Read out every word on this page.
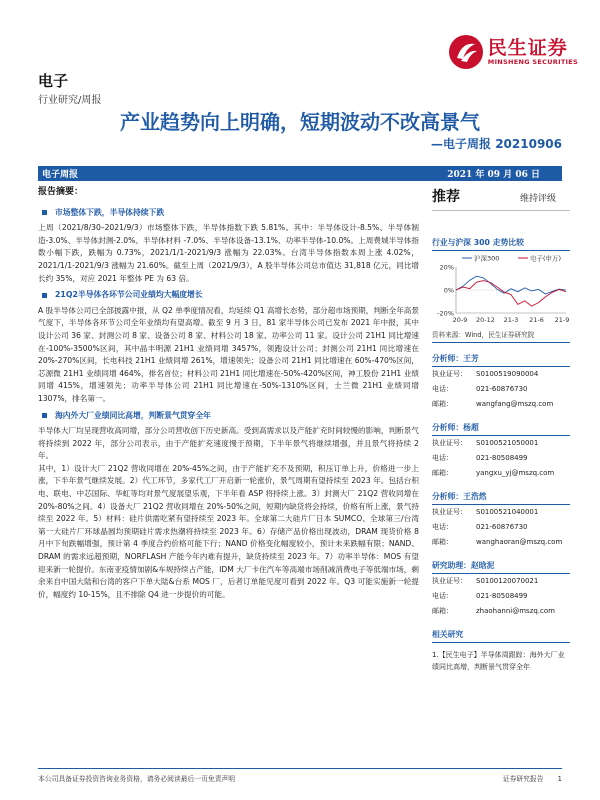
民生证券
MINSHENG SECURITIES
电子
行业研究/周报
产业趋势向上明确，短期波动不改高景气
—电子周报 20210906
电子周报	2021 年 09 月 06 日
报告摘要：
市场整体下跌，半导体持续下跌

上周（2021/8/30–2021/9/3）市场整体下跌，半导体指数下跌 5.81%。其中：半导体设计-8.5%、半导体制造-3.0%、半导体封测-2.0%、半导体材料 -7.0%、半导体设备-13.1%、功率半导体-10.0%。上周费城半导体指数小幅下跌，跌幅为 0.73%，2021/1/1-2021/9/3 涨幅为 22.03%。台湾半导体指数本周上涨 4.02%，2021/1/1-2021/9/3 涨幅为 21.60%。截至上周（2021/9/3），A 股半导体公司总市值达 31,818 亿元，同比增长约 35%，对应 2021 年整体 PE 为 63 倍。

21Q2半导体各环节公司业绩均大幅度增长

A 股半导体公司已全部披露中报，从 Q2 单季度情况看，均延续 Q1 高增长态势，部分超市场预期，判断全年高景气度下，半导体各环节公司全年业绩均有望高增。截至 9 月 3 日，81 家半导体公司已发布 2021 年中报，其中设计公司 36 家、封测公司 8 家、设备公司 8 家、材料公司 18 家、功率公司 11 家。设计公司 21H1 同比增速在-100%-3500%区间，其中晶丰明源 21H1 业绩同增 3457%，领跑设计公司；封测公司 21H1 同比增速在 20%-270%区间，长电科技 21H1 业绩同增 261%，增速领先；设备公司 21H1 同比增速在 60%-470%区间，芯源微 21H1 业绩同增 464%，排名首位；材料公司 21H1 同比增速在-50%-420%区间，神工股份 21H1 业绩同增 415%，增速领先；功率半导体公司 21H1 同比增速在-50%-1310%区间，士兰微 21H1 业绩同增 1307%，排名第一。

海内外大厂业绩同比高增，判断景气贯穿全年

半导体大厂均呈现营收高同增，部分公司营收创下历史新高。受到高需求以及产能扩充时间较慢的影响，判断景气将持续到 2022 年，部分公司表示，由于产能扩充速度慢于预期，下半年景气将继续增强，并且景气将持续 2 年。

其中，1）设计大厂 21Q2 营收同增在 20%-45%之间，由于产能扩充不及预期，积压订单上升，价格进一步上涨，下半年景气继续发展。2）代工环节，多家代工厂开启新一轮涨价，景气周期有望持续至 2023 年。包括台积电、联电、中芯国际、华虹等均对景气度展望乐观，下半年看 ASP 将持续上涨。3）封测大厂 21Q2 营收同增在 20%-80%之间。4）设备大厂 21Q2 营收同增在 20%-50%之间，短期内缺货将会持续，价格有所上涨，景气持续至 2022 年。5）材料：硅片供需吃紧有望持续至 2023 年。全球第二大硅片厂日本 SUMCO、全球第三/台湾第一大硅片厂环球晶圆均预期硅片需求热潮将持续至 2023 年。6）存储产品价格出现波动，DRAM 现货价格 8 月中下旬跌幅增强，预计第 4 季度合约价格可能下行；NAND 价格变化幅度较小，预计未来跌幅有限；NAND、DRAM 的需求远超预期，NORFLASH 产能今年内难有提升，缺货持续至 2023 年。7）功率半导体：MOS 有望迎来新一轮提价。东南亚疫情加剧&车规持续占产能，IDM 大厂卡住汽车等高端市场削减消费电子等低端市场，剩余来自中国大陆和台湾的客户下单大陆&台系 MOS 厂，后者订单能见度可看到 2022 年。Q3 可能实施新一轮提价，幅度约 10-15%，且不排除 Q4 进一步提价的可能。

推荐	维持评级
行业与沪深 300 走势比较
20%
0%
-20%
20-9 20-12 21-3 21-6 21-9
沪深300	电子(申万)
资料来源：Wind，民生证券研究院
分析师：王芳
执业证号：	S0100519090004
电话：	021-60876730
邮箱：	wangfang@mszq.com
分析师：杨超
执业证号：	S0100521050001
电话：	021-80508499
邮箱：	yangxu_yj@mszq.com
分析师：王浩然
执业证号：	S0100521040001
电话：	021-60876730
邮箱：	wanghaoran@mszq.com
研究助理：赵晗泥
执业证号：	S0100120070021
电话：	021-80508499
邮箱：	zhaohanni@mszq.com
相关研究
1.【民生电子】半导体周跟踪：海外大厂业绩同比高增，判断景气贯穿全年
本公司具备证券投资咨询业务资格，请务必阅读最后一页免责声明	证券研究报告 1
